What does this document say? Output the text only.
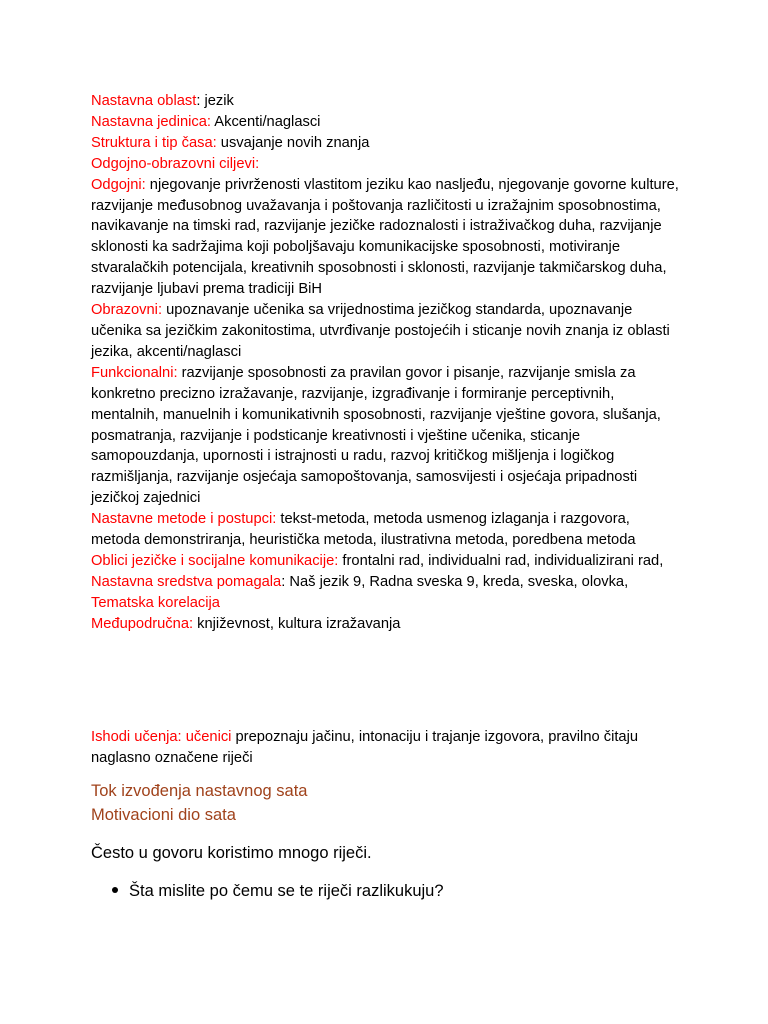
Nastavna oblast: jezik

Nastavna jedinica: Akcenti/naglasci

Struktura i tip časa: usvajanje novih znanja

Odgojno-obrazovni ciljevi:

Odgojni: njegovanje privrženosti vlastitom jeziku kao nasljeđu, njegovanje govorne kulture, razvijanje međusobnog uvažavanja i poštovanja različitosti u izražajnim sposobnostima, navikavanje na timski rad, razvijanje jezičke radoznalosti i istraživačkog duha, razvijanje sklonosti ka sadržajima koji poboljšavaju komunikacijske sposobnosti, motiviranje stvaralačkih potencijala, kreativnih sposobnosti i sklonosti, razvijanje takmičarskog duha, razvijanje ljubavi prema tradiciji BiH

Obrazovni: upoznavanje učenika sa vrijednostima jezičkog standarda, upoznavanje učenika sa jezičkim zakonitostima, utvrđivanje postojećih i sticanje novih znanja iz oblasti jezika, akcenti/naglasci

Funkcionalni: razvijanje sposobnosti za pravilan govor i pisanje, razvijanje smisla za konkretno precizno izražavanje, razvijanje, izgrađivanje i formiranje perceptivnih, mentalnih, manuelnih i komunikativnih sposobnosti, razvijanje vještine govora, slušanja, posmatranja, razvijanje i podsticanje kreativnosti i vještine učenika, sticanje samopouzdanja, upornosti i istrajnosti u radu, razvoj kritičkog mišljenja i logičkog razmišljanja, razvijanje osjećaja samopoštovanja, samosvijesti i osjećaja pripadnosti jezičkoj zajednici

Nastavne metode i postupci: tekst-metoda, metoda usmenog izlaganja i razgovora, metoda demonstriranja, heuristička metoda, ilustrativna metoda, poredbena metoda

Oblici jezičke i socijalne komunikacije: frontalni rad, individualni rad, individualizirani rad,

Nastavna sredstva pomagala: Naš jezik 9, Radna sveska 9, kreda, sveska, olovka,

Tematska korelacija

Međupodručna: književnost, kultura izražavanja

Ishodi učenja: učenici prepoznaju jačinu, intonaciju i trajanje izgovora, pravilno čitaju naglasno označene riječi

Tok izvođenja nastavnog sata
Motivacioni dio sata

Često u govoru koristimo mnogo riječi.

Šta mislite po čemu se te riječi razlikukuju?
